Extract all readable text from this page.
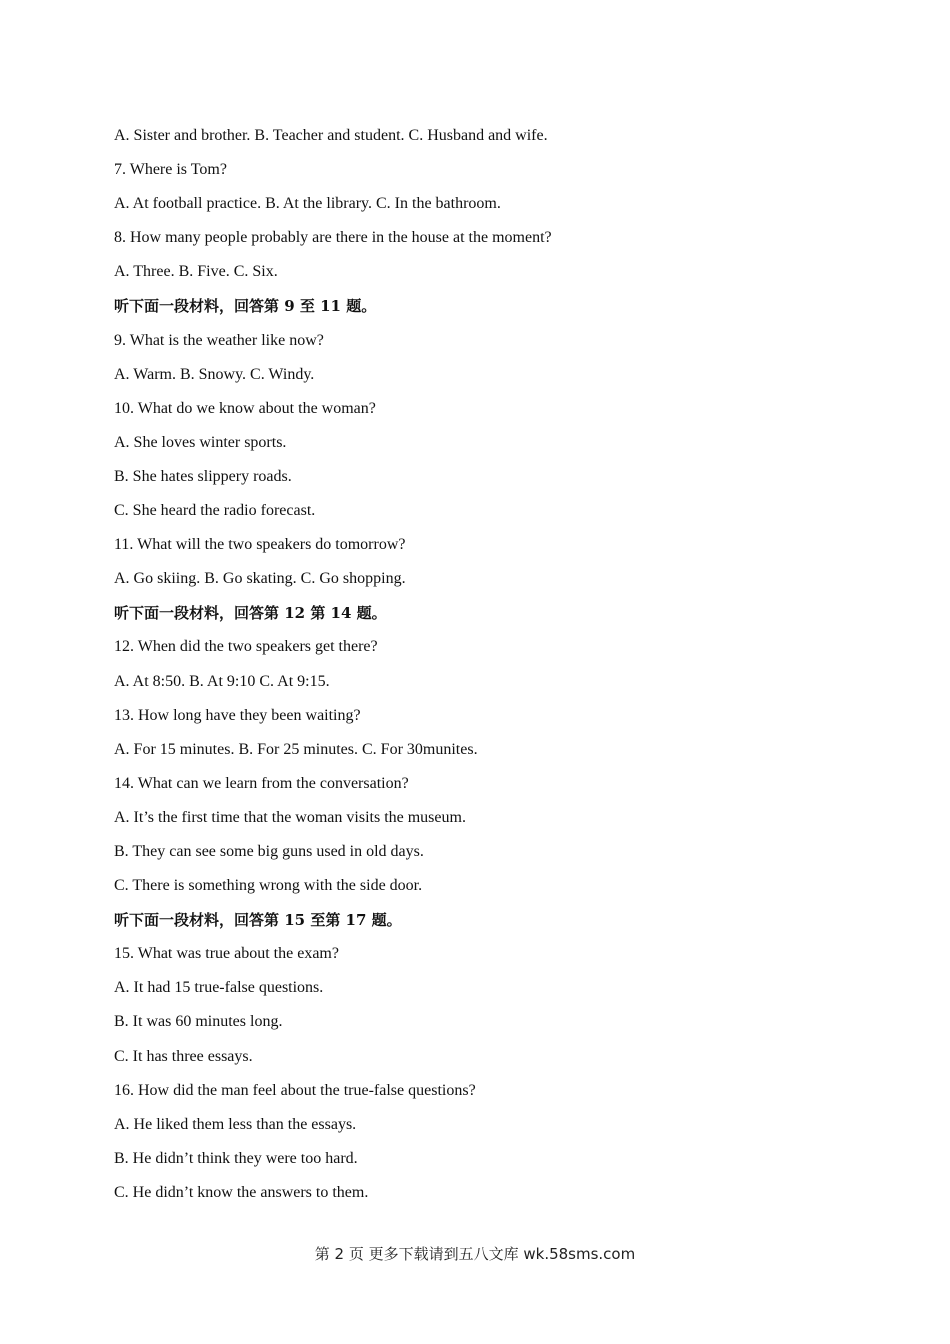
A. Sister and brother. B. Teacher and student. C. Husband and wife.
7. Where is Tom?
A. At football practice. B. At the library. C. In the bathroom.
8. How many people probably are there in the house at the moment?
A. Three. B. Five. C. Six.
听下面一段材料，回答第 9 至 11 题。
9. What is the weather like now?
A. Warm. B. Snowy. C. Windy.
10. What do we know about the woman?
A. She loves winter sports.
B. She hates slippery roads.
C. She heard the radio forecast.
11. What will the two speakers do tomorrow?
A. Go skiing. B. Go skating. C. Go shopping.
听下面一段材料，回答第 12 第 14 题。
12. When did the two speakers get there?
A. At 8:50. B. At 9:10 C. At 9:15.
13. How long have they been waiting?
A. For 15 minutes. B. For 25 minutes. C. For 30munites.
14. What can we learn from the conversation?
A. It’s the first time that the woman visits the museum.
B. They can see some big guns used in old days.
C. There is something wrong with the side door.
听下面一段材料，回答第 15 至第 17 题。
15. What was true about the exam?
A. It had 15 true-false questions.
B. It was 60 minutes long.
C. It has three essays.
16. How did the man feel about the true-false questions?
A. He liked them less than the essays.
B. He didn’t think they were too hard.
C. He didn’t know the answers to them.
第 2 页 更多下载请到五八文库 wk.58sms.com
